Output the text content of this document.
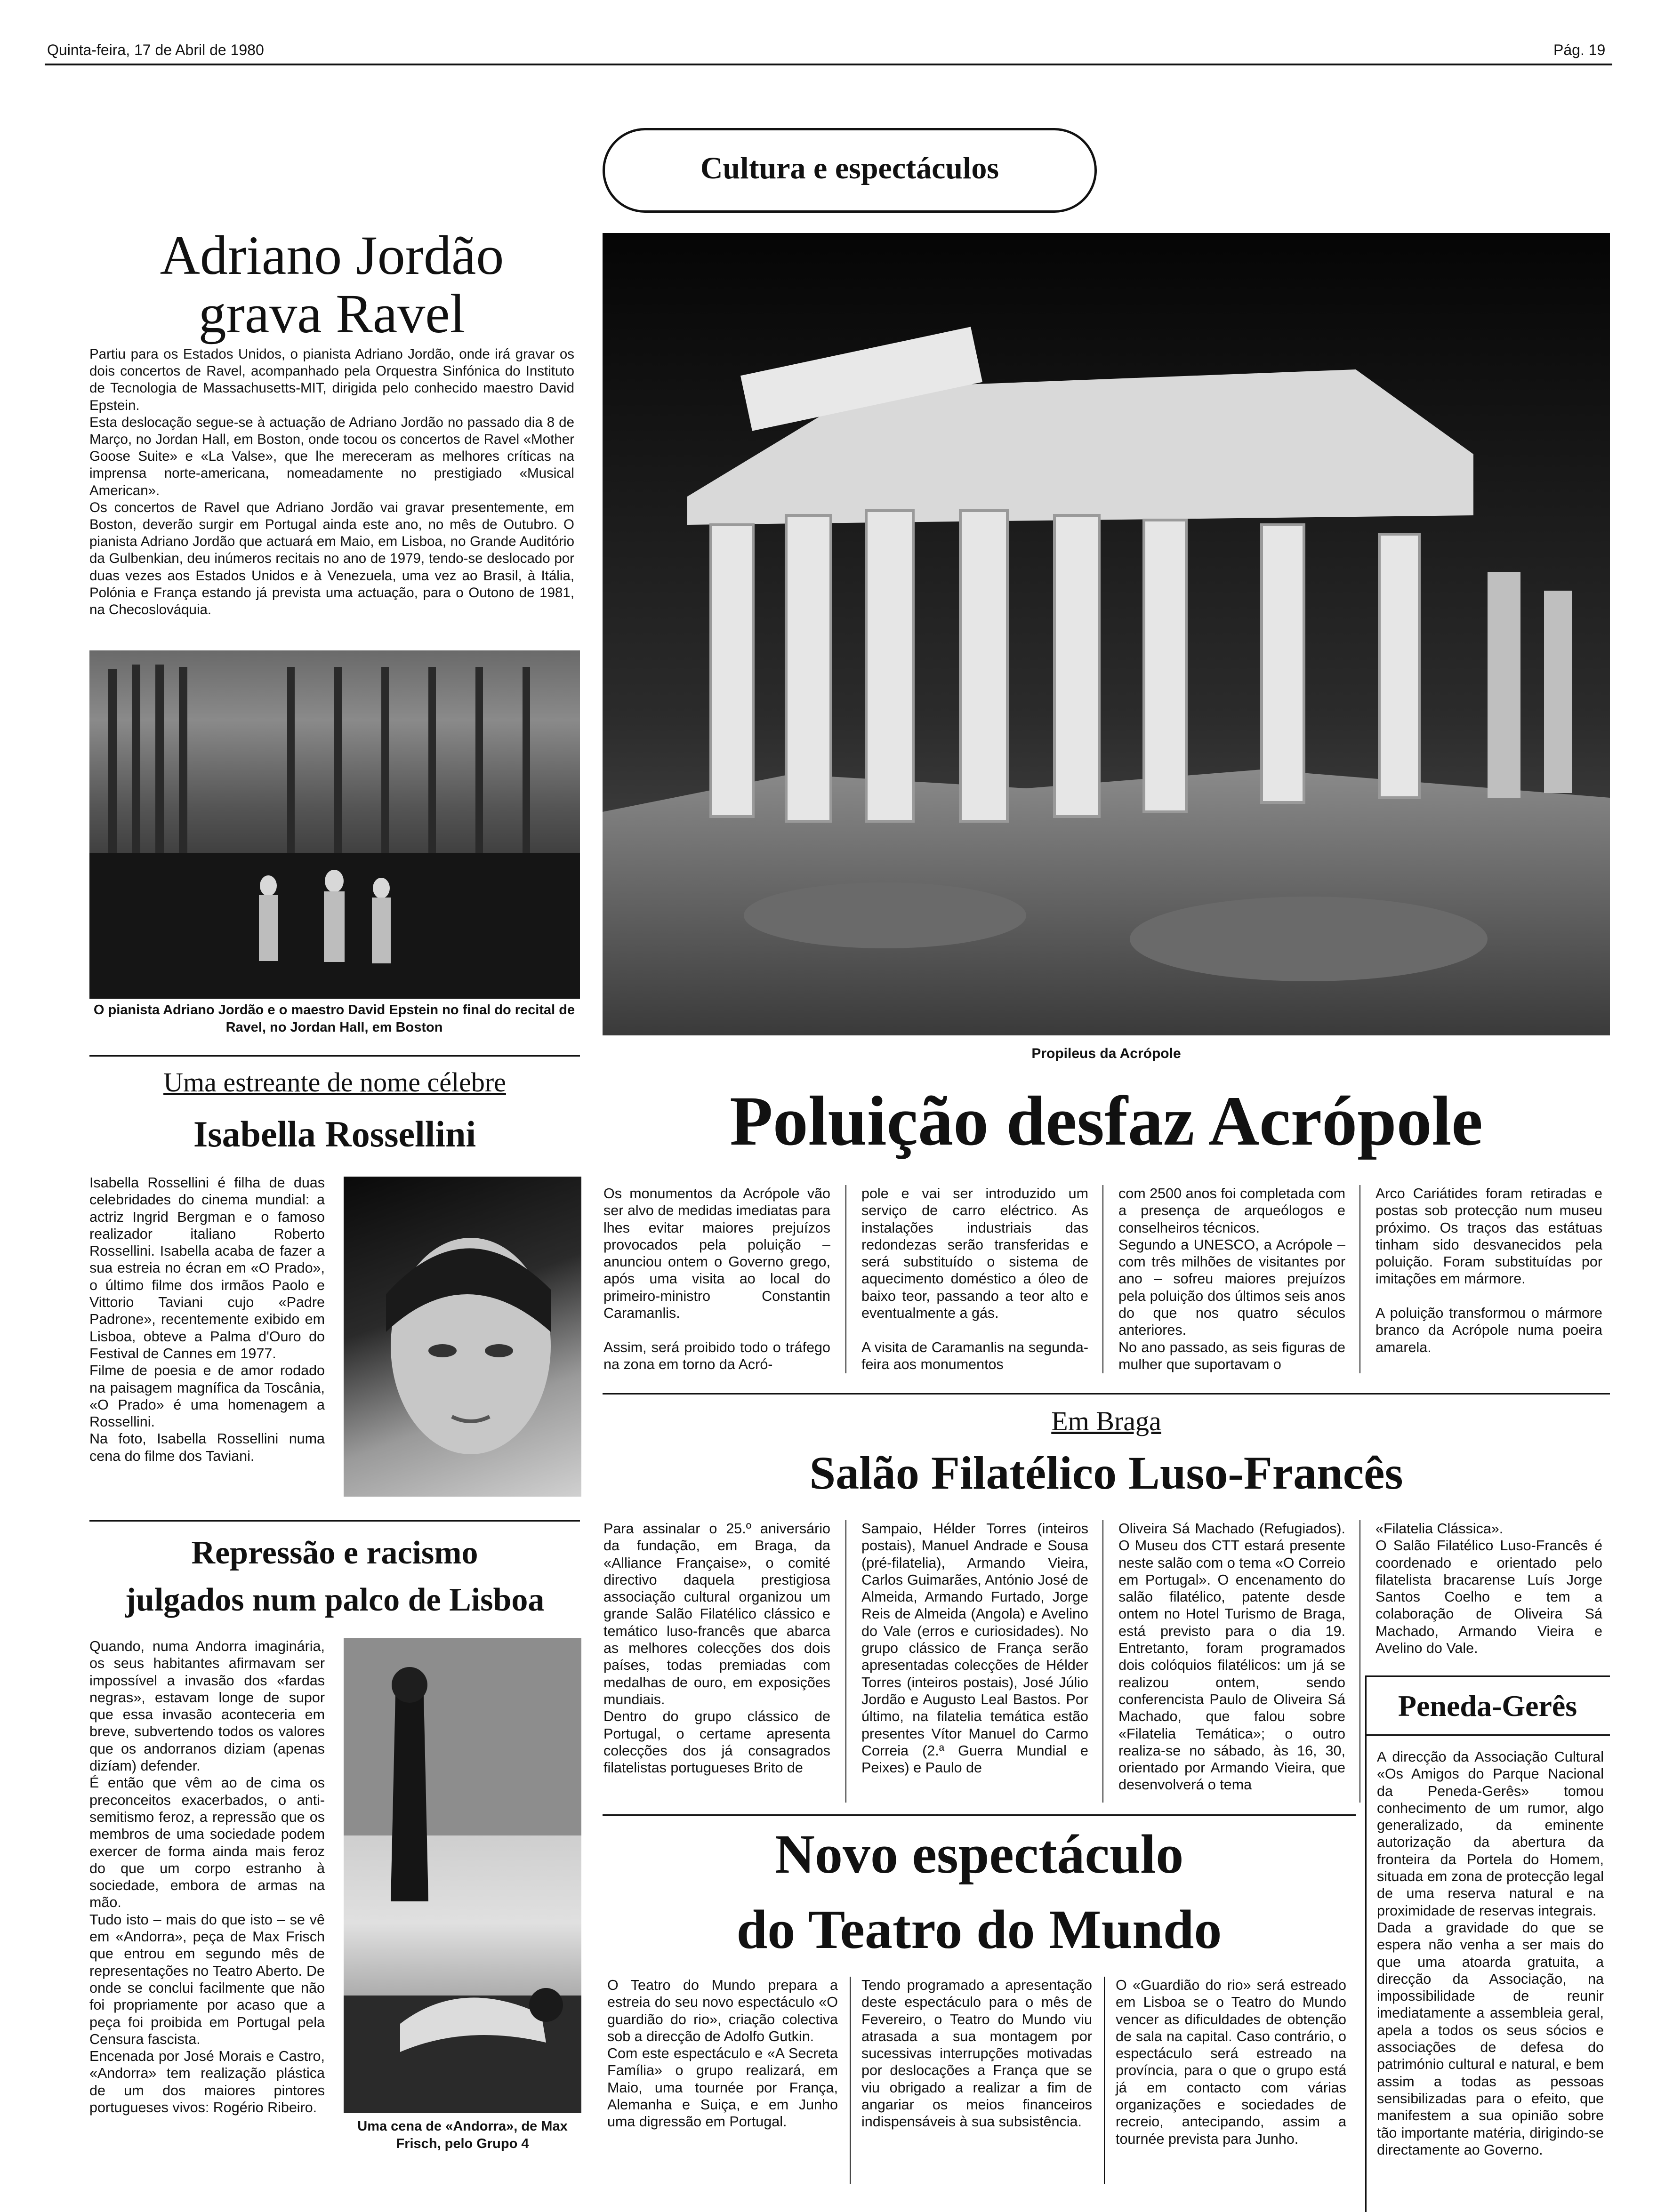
Quinta-feira, 17 de Abril de 1980	Pág. 19
Cultura e espectáculos
Adriano Jordão
grava Ravel
Partiu para os Estados Unidos, o pianista Adriano Jordão, onde irá gravar os dois concertos de Ravel, acompanhado pela Orquestra Sinfónica do Instituto de Tecnologia de Massachusetts-MIT, dirigida pelo conhecido maestro David Epstein.
Esta deslocação segue-se à actuação de Adriano Jordão no passado dia 8 de Março, no Jordan Hall, em Boston, onde tocou os concertos de Ravel «Mother Goose Suite» e «La Valse», que lhe mereceram as melhores críticas na imprensa norte-americana, nomeadamente no prestigiado «Musical American».
Os concertos de Ravel que Adriano Jordão vai gravar presentemente, em Boston, deverão surgir em Portugal ainda este ano, no mês de Outubro. O pianista Adriano Jordão que actuará em Maio, em Lisboa, no Grande Auditório da Gulbenkian, deu inúmeros recitais no ano de 1979, tendo-se deslocado por duas vezes aos Estados Unidos e à Venezuela, uma vez ao Brasil, à Itália, Polónia e França estando já prevista uma actuação, para o Outono de 1981, na Checoslováquia.
O pianista Adriano Jordão e o maestro David Epstein no final do recital de Ravel, no Jordan Hall, em Boston
Propileus da Acrópole
Poluição desfaz Acrópole
Os monumentos da Acrópole vão ser alvo de medidas imediatas para lhes evitar maiores prejuízos provocados pela poluição – anunciou ontem o Governo grego, após uma visita ao local do primeiro-ministro Constantin Caramanlis.

Assim, será proibido todo o tráfego na zona em torno da Acró-
pole e vai ser introduzido um serviço de carro eléctrico. As instalações industriais das redondezas serão transferidas e será substituído o sistema de aquecimento doméstico a óleo de baixo teor, passando a teor alto e eventualmente a gás.

A visita de Caramanlis na segunda-feira aos monumentos
com 2500 anos foi completada com a presença de arqueólogos e conselheiros técnicos.
Segundo a UNESCO, a Acrópole – com três milhões de visitantes por ano – sofreu maiores prejuízos pela poluição dos últimos seis anos do que nos quatro séculos anteriores.
No ano passado, as seis figuras de mulher que suportavam o
Arco Cariátides foram retiradas e postas sob protecção num museu próximo. Os traços das estátuas tinham sido desvanecidos pela poluição. Foram substituídas por imitações em mármore.

A poluição transformou o mármore branco da Acrópole numa poeira amarela.
Uma estreante de nome célebre
Isabella Rossellini
Isabella Rossellini é filha de duas celebridades do cinema mundial: a actriz Ingrid Bergman e o famoso realizador italiano Roberto Rossellini. Isabella acaba de fazer a sua estreia no écran em «O Prado», o último filme dos irmãos Paolo e Vittorio Taviani cujo «Padre Padrone», recentemente exibido em Lisboa, obteve a Palma d'Ouro do Festival de Cannes em 1977.
Filme de poesia e de amor rodado na paisagem magnífica da Toscânia, «O Prado» é uma homenagem a Rossellini.
Na foto, Isabella Rossellini numa cena do filme dos Taviani.
Em Braga
Salão Filatélico Luso-Francês
Para assinalar o 25.º aniversário da fundação, em Braga, da «Alliance Française», o comité directivo daquela prestigiosa associação cultural organizou um grande Salão Filatélico clássico e temático luso-francês que abarca as melhores colecções dos dois países, todas premiadas com medalhas de ouro, em exposições mundiais.
Dentro do grupo clássico de Portugal, o certame apresenta colecções dos já consagrados filatelistas portugueses Brito de
Sampaio, Hélder Torres (inteiros postais), Manuel Andrade e Sousa (pré-filatelia), Armando Vieira, Carlos Guimarães, António José de Almeida, Armando Furtado, Jorge Reis de Almeida (Angola) e Avelino do Vale (erros e curiosidades). No grupo clássico de França serão apresentadas colecções de Hélder Torres (inteiros postais), José Júlio Jordão e Augusto Leal Bastos. Por último, na filatelia temática estão presentes Vítor Manuel do Carmo Correia (2.ª Guerra Mundial e Peixes) e Paulo de
Oliveira Sá Machado (Refugiados). O Museu dos CTT estará presente neste salão com o tema «O Correio em Portugal». O encenamento do salão filatélico, patente desde ontem no Hotel Turismo de Braga, está previsto para o dia 19. Entretanto, foram programados dois colóquios filatélicos: um já se realizou ontem, sendo conferencista Paulo de Oliveira Sá Machado, que falou sobre «Filatelia Temática»; o outro realiza-se no sábado, às 16, 30, orientado por Armando Vieira, que desenvolverá o tema
«Filatelia Clássica».
O Salão Filatélico Luso-Francês é coordenado e orientado pelo filatelista bracarense Luís Jorge Santos Coelho e tem a colaboração de Oliveira Sá Machado, Armando Vieira e Avelino do Vale.
Peneda-Gerês
A direcção da Associação Cultural «Os Amigos do Parque Nacional da Peneda-Gerês» tomou conhecimento de um rumor, algo generalizado, da eminente autorização da abertura da fronteira da Portela do Homem, situada em zona de protecção legal de uma reserva natural e na proximidade de reservas integrais.
Dada a gravidade do que se espera não venha a ser mais do que uma atoarda gratuita, a direcção da Associação, na impossibilidade de reunir imediatamente a assembleia geral, apela a todos os seus sócios e associações de defesa do património cultural e natural, e bem assim a todas as pessoas sensibilizadas para o efeito, que manifestem a sua opinião sobre tão importante matéria, dirigindo-se directamente ao Governo.
Repressão e racismo
julgados num palco de Lisboa
Quando, numa Andorra imaginária, os seus habitantes afirmavam ser impossível a invasão dos «fardas negras», estavam longe de supor que essa invasão aconteceria em breve, subvertendo todos os valores que os andorranos diziam (apenas dizíam) defender.
É então que vêm ao de cima os preconceitos exacerbados, o anti-semitismo feroz, a repressão que os membros de uma sociedade podem exercer de forma ainda mais feroz do que um corpo estranho à sociedade, embora de armas na mão.
Tudo isto – mais do que isto – se vê em «Andorra», peça de Max Frisch que entrou em segundo mês de representações no Teatro Aberto. De onde se conclui facilmente que não foi propriamente por acaso que a peça foi proibida em Portugal pela Censura fascista.
Encenada por José Morais e Castro, «Andorra» tem realização plástica de um dos maiores pintores portugueses vivos: Rogério Ribeiro.
Uma cena de «Andorra», de Max Frisch, pelo Grupo 4
Novo espectáculo
do Teatro do Mundo
O Teatro do Mundo prepara a estreia do seu novo espectáculo «O guardião do rio», criação colectiva sob a direcção de Adolfo Gutkin.
Com este espectáculo e «A Secreta Família» o grupo realizará, em Maio, uma tournée por França, Alemanha e Suiça, e em Junho uma digressão em Portugal.
Tendo programado a apresentação deste espectáculo para o mês de Fevereiro, o Teatro do Mundo viu atrasada a sua montagem por sucessivas interrupções motivadas por deslocações a França que se viu obrigado a realizar a fim de angariar os meios financeiros indispensáveis à sua subsistência.
O «Guardião do rio» será estreado em Lisboa se o Teatro do Mundo vencer as dificuldades de obtenção de sala na capital. Caso contrário, o espectáculo será estreado na província, para o que o grupo está já em contacto com várias organizações e sociedades de recreio, antecipando, assim a tournée prevista para Junho.
